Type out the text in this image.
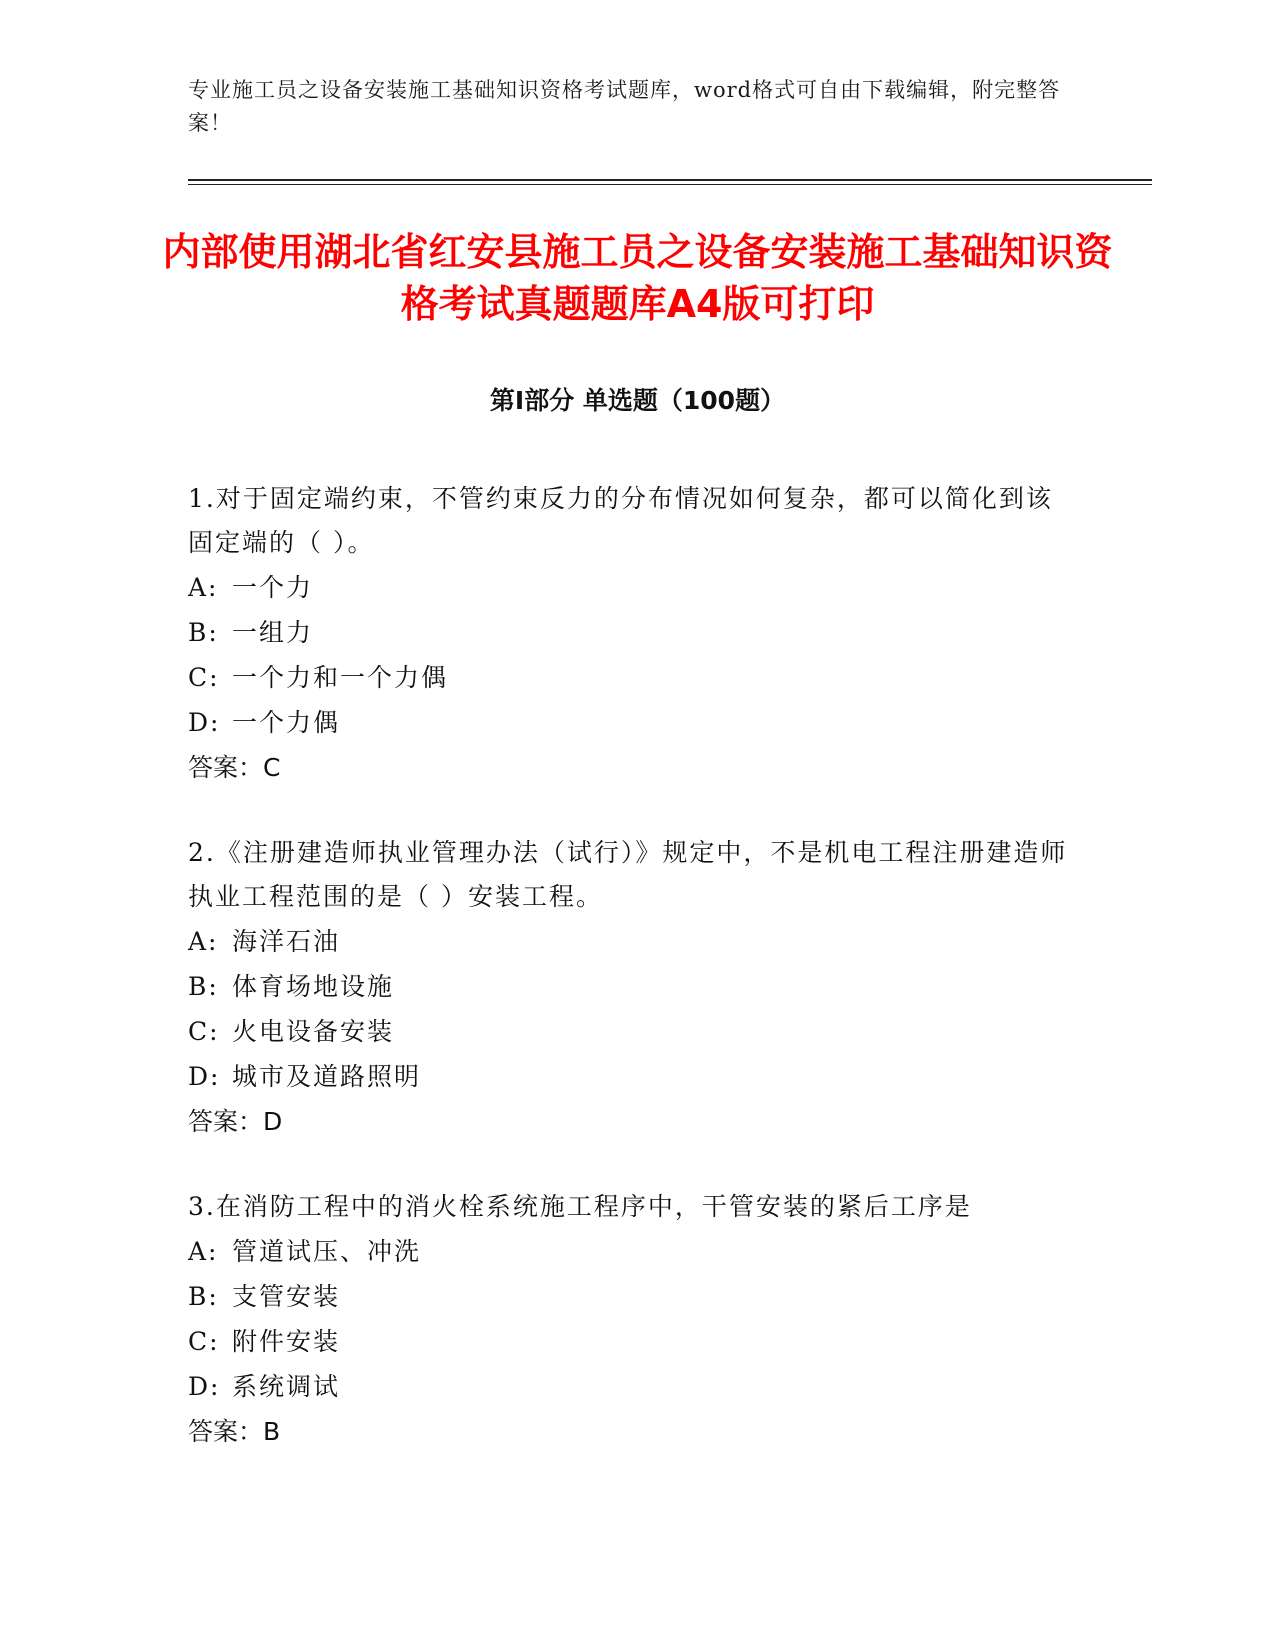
专业施工员之设备安装施工基础知识资格考试题库，word格式可自由下载编辑，附完整答案！
内部使用湖北省红安县施工员之设备安装施工基础知识资格考试真题题库A4版可打印
第Ⅰ部分 单选题（100题）
1.对于固定端约束，不管约束反力的分布情况如何复杂，都可以简化到该固定端的（ ）。
A: 一个力
B: 一组力
C: 一个力和一个力偶
D: 一个力偶
答案：C
2.《注册建造师执业管理办法（试行）》规定中，不是机电工程注册建造师执业工程范围的是（ ）安装工程。
A: 海洋石油
B: 体育场地设施
C: 火电设备安装
D: 城市及道路照明
答案：D
3.在消防工程中的消火栓系统施工程序中，干管安装的紧后工序是
A: 管道试压、冲洗
B: 支管安装
C: 附件安装
D: 系统调试
答案：B
